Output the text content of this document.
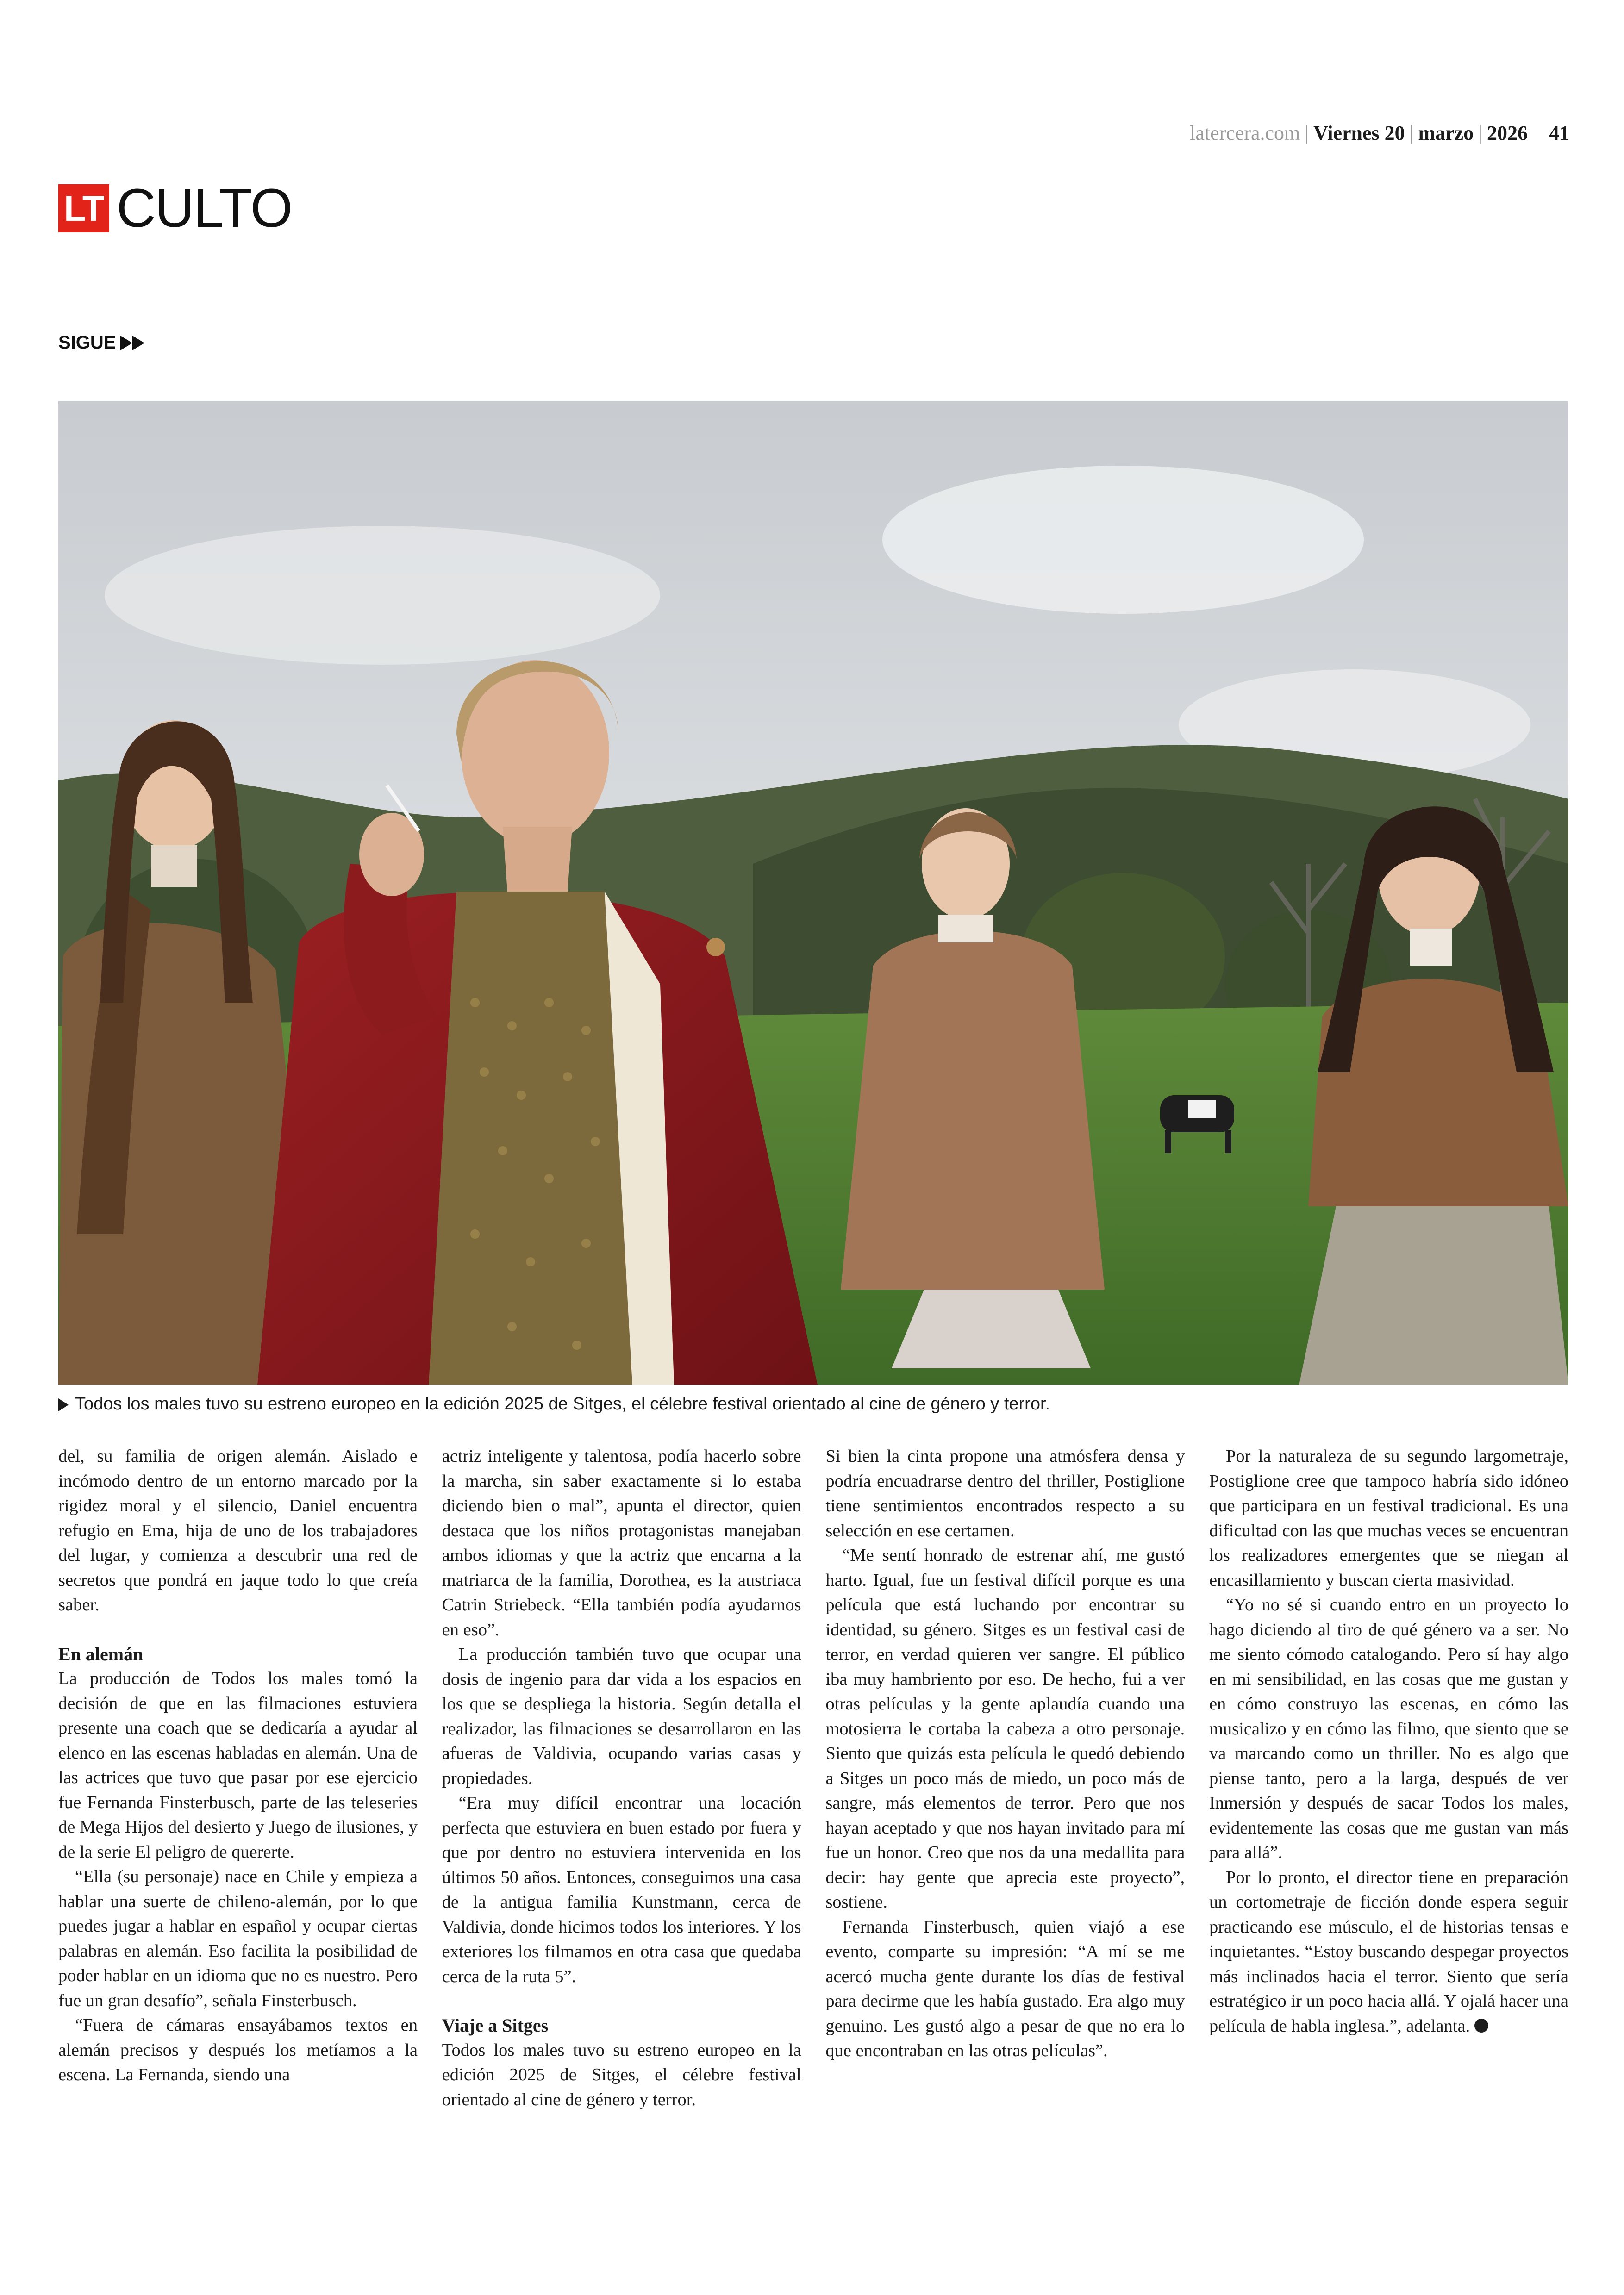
latercera.com | Viernes 20 | marzo | 2026 41
LT CULTO
SIGUE
Todos los males tuvo su estreno europeo en la edición 2025 de Sitges, el célebre festival orientado al cine de género y terror.

del, su familia de origen alemán. Aislado e incómodo dentro de un entorno marcado por la rigidez moral y el silencio, Daniel encuentra refugio en Ema, hija de uno de los trabajadores del lugar, y comienza a descubrir una red de secretos que pondrá en jaque todo lo que creía saber.

En alemán

La producción de Todos los males tomó la decisión de que en las filmaciones estuviera presente una coach que se dedicaría a ayudar al elenco en las escenas habladas en alemán. Una de las actrices que tuvo que pasar por ese ejercicio fue Fernanda Finsterbusch, parte de las teleseries de Mega Hijos del desierto y Juego de ilusiones, y de la serie El peligro de quererte.

“Ella (su personaje) nace en Chile y empieza a hablar una suerte de chileno-alemán, por lo que puedes jugar a hablar en español y ocupar ciertas palabras en alemán. Eso facilita la posibilidad de poder hablar en un idioma que no es nuestro. Pero fue un gran desafío”, señala Finsterbusch.

“Fuera de cámaras ensayábamos textos en alemán precisos y después los metíamos a la escena. La Fernanda, siendo una

actriz inteligente y talentosa, podía hacerlo sobre la marcha, sin saber exactamente si lo estaba diciendo bien o mal”, apunta el director, quien destaca que los niños protagonistas manejaban ambos idiomas y que la actriz que encarna a la matriarca de la familia, Dorothea, es la austriaca Catrin Striebeck. “Ella también podía ayudarnos en eso”.

La producción también tuvo que ocupar una dosis de ingenio para dar vida a los espacios en los que se despliega la historia. Según detalla el realizador, las filmaciones se desarrollaron en las afueras de Valdivia, ocupando varias casas y propiedades.

“Era muy difícil encontrar una locación perfecta que estuviera en buen estado por fuera y que por dentro no estuviera intervenida en los últimos 50 años. Entonces, conseguimos una casa de la antigua familia Kunstmann, cerca de Valdivia, donde hicimos todos los interiores. Y los exteriores los filmamos en otra casa que quedaba cerca de la ruta 5”.

Viaje a Sitges

Todos los males tuvo su estreno europeo en la edición 2025 de Sitges, el célebre festival orientado al cine de género y terror.

Si bien la cinta propone una atmósfera densa y podría encuadrarse dentro del thriller, Postiglione tiene sentimientos encontrados respecto a su selección en ese certamen.

“Me sentí honrado de estrenar ahí, me gustó harto. Igual, fue un festival difícil porque es una película que está luchando por encontrar su identidad, su género. Sitges es un festival casi de terror, en verdad quieren ver sangre. El público iba muy hambriento por eso. De hecho, fui a ver otras películas y la gente aplaudía cuando una motosierra le cortaba la cabeza a otro personaje. Siento que quizás esta película le quedó debiendo a Sitges un poco más de miedo, un poco más de sangre, más elementos de terror. Pero que nos hayan aceptado y que nos hayan invitado para mí fue un honor. Creo que nos da una medallita para decir: hay gente que aprecia este proyecto”, sostiene.

Fernanda Finsterbusch, quien viajó a ese evento, comparte su impresión: “A mí se me acercó mucha gente durante los días de festival para decirme que les había gustado. Era algo muy genuino. Les gustó algo a pesar de que no era lo que encontraban en las otras películas”.

Por la naturaleza de su segundo largometraje, Postiglione cree que tampoco habría sido idóneo que participara en un festival tradicional. Es una dificultad con las que muchas veces se encuentran los realizadores emergentes que se niegan al encasillamiento y buscan cierta masividad.

“Yo no sé si cuando entro en un proyecto lo hago diciendo al tiro de qué género va a ser. No me siento cómodo catalogando. Pero sí hay algo en mi sensibilidad, en las cosas que me gustan y en cómo construyo las escenas, en cómo las musicalizo y en cómo las filmo, que siento que se va marcando como un thriller. No es algo que piense tanto, pero a la larga, después de ver Inmersión y después de sacar Todos los males, evidentemente las cosas que me gustan van más para allá”.

Por lo pronto, el director tiene en preparación un cortometraje de ficción donde espera seguir practicando ese músculo, el de historias tensas e inquietantes. “Estoy buscando despegar proyectos más inclinados hacia el terror. Siento que sería estratégico ir un poco hacia allá. Y ojalá hacer una película de habla inglesa.”, adelanta.
